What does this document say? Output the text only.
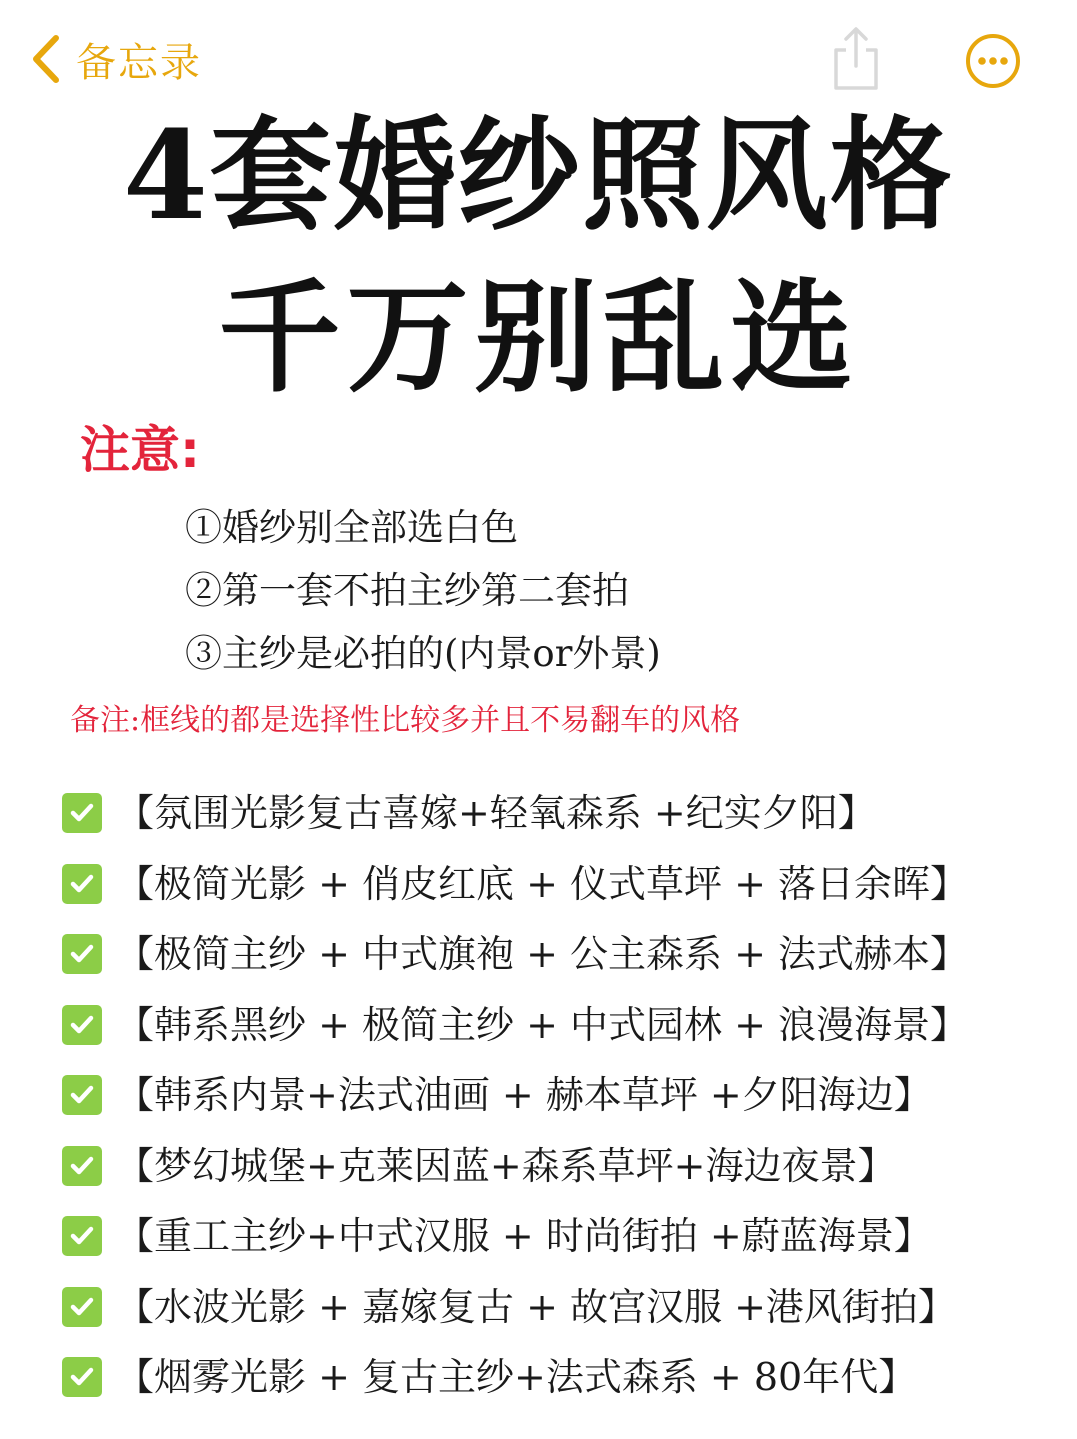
备忘录
4套婚纱照风格
千万别乱选
注意:
①婚纱别全部选白色
②第一套不拍主纱第二套拍
③主纱是必拍的(内景or外景)
备注:框线的都是选择性比较多并且不易翻车的风格
【氛围光影复古喜嫁+轻氧森系 +纪实夕阳】
【极简光影 + 俏皮红底 + 仪式草坪 + 落日余晖】
【极简主纱 + 中式旗袍 + 公主森系 + 法式赫本】
【韩系黑纱 + 极简主纱 + 中式园林 + 浪漫海景】
【韩系内景+法式油画 + 赫本草坪 +夕阳海边】
【梦幻城堡+克莱因蓝+森系草坪+海边夜景】
【重工主纱+中式汉服 + 时尚街拍 +蔚蓝海景】
【水波光影 + 嘉嫁复古 + 故宫汉服 +港风街拍】
【烟雾光影 + 复古主纱+法式森系 + 80年代】
